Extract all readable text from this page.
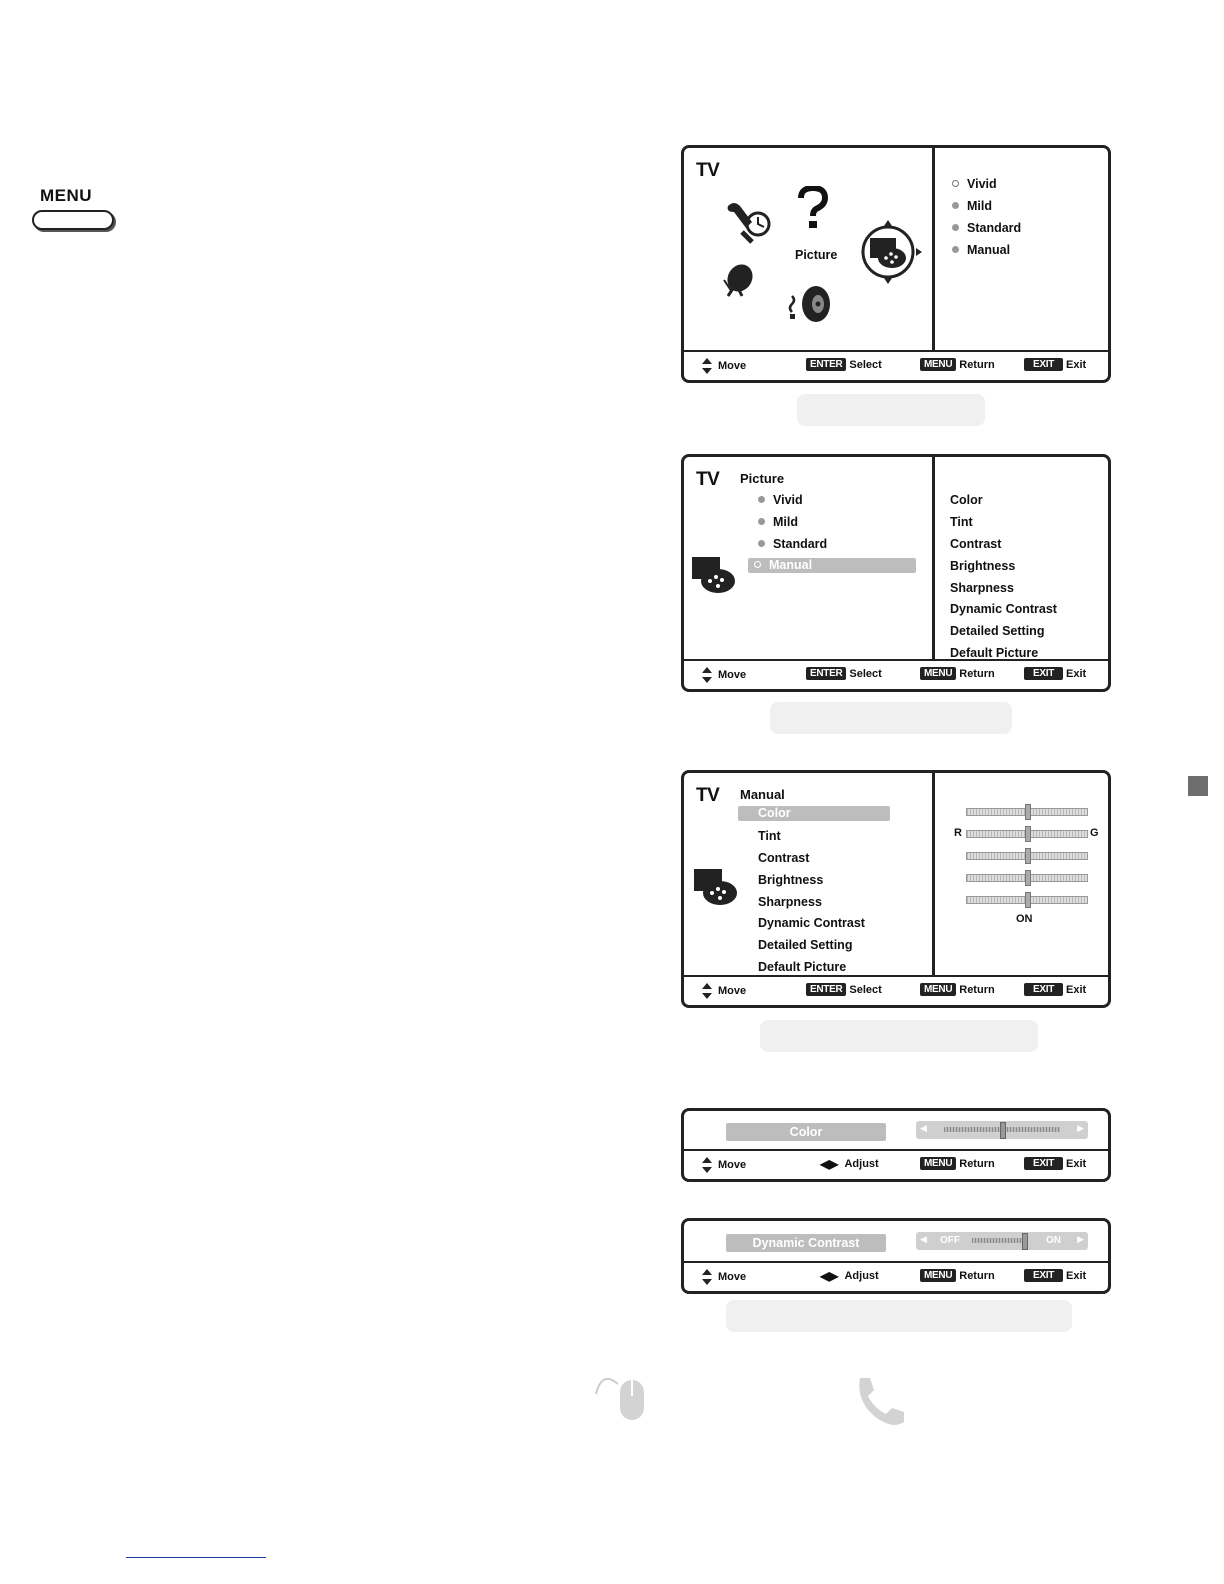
MENU
TV
Picture
Vivid
Mild
Standard
Manual
Move	ENTER Select	MENU Return	EXIT	Exit
TV Picture
Vivid
Mild
Standard
Manual
Color
Tint
Contrast
Brightness
Sharpness
Dynamic Contrast
Detailed Setting
Default Picture
Move	ENTER Select	MENU Return	EXIT	Exit
TV Manual
Color
Tint
Contrast
Brightness
Sharpness
Dynamic Contrast
Detailed Setting
Default Picture
R	G
ON
Move	ENTER Select	MENU Return	EXIT	Exit
Color	◀	▶
Move	◀▶ Adjust	MENU Return	EXIT	Exit
Dynamic Contrast	◀ OFF	ON ▶
Move	◀▶ Adjust	MENU Return	EXIT	Exit
